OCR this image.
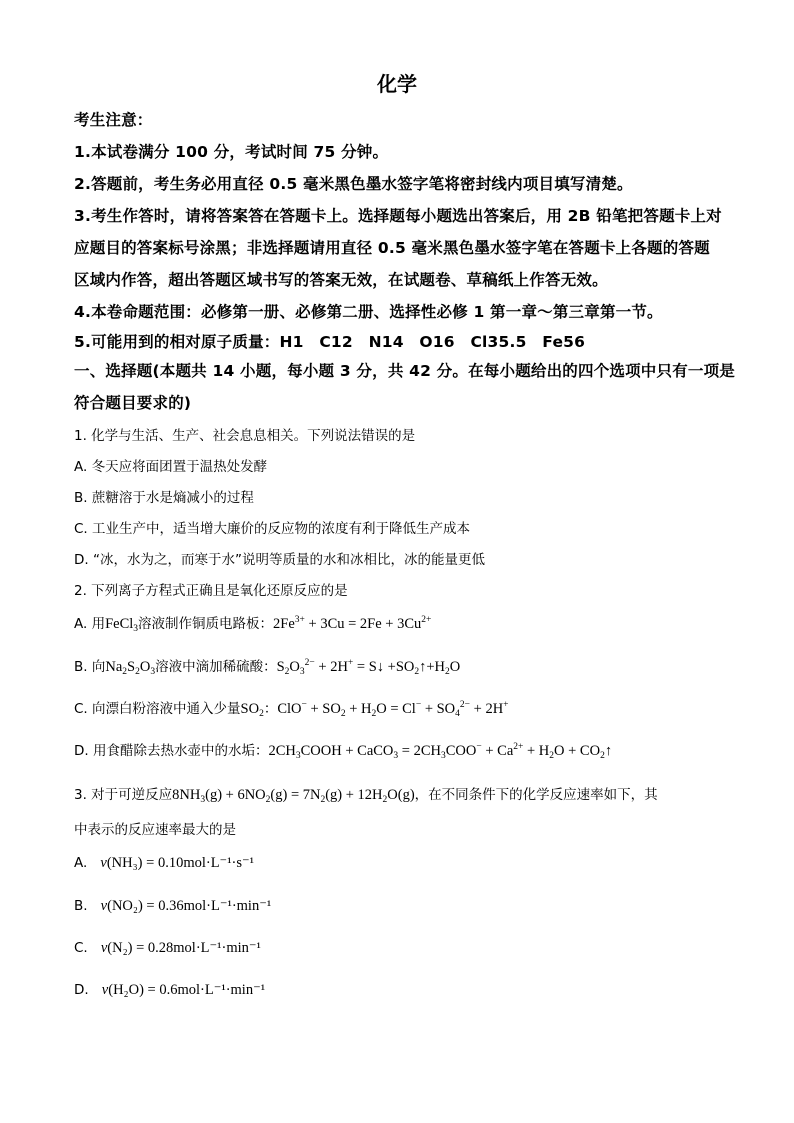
化学
考生注意：
1.本试卷满分 100 分，考试时间 75 分钟。
2.答题前，考生务必用直径 0.5 毫米黑色墨水签字笔将密封线内项目填写清楚。
3.考生作答时，请将答案答在答题卡上。选择题每小题选出答案后，用 2B 铅笔把答题卡上对
应题目的答案标号涂黑；非选择题请用直径 0.5 毫米黑色墨水签字笔在答题卡上各题的答题
区域内作答，超出答题区域书写的答案无效，在试题卷、草稿纸上作答无效。
4.本卷命题范围：必修第一册、必修第二册、选择性必修 1 第一章～第三章第一节。
5.可能用到的相对原子质量：H1　C12　N14　O16　Cl35.5　Fe56
一、选择题(本题共 14 小题，每小题 3 分，共 42 分。在每小题给出的四个选项中只有一项是
符合题目要求的)
1. 化学与生活、生产、社会息息相关。下列说法错误的是
A. 冬天应将面团置于温热处发酵
B. 蔗糖溶于水是熵减小的过程
C. 工业生产中，适当增大廉价的反应物的浓度有利于降低生产成本
D. “冰，水为之，而寒于水”说明等质量的水和冰相比，冰的能量更低
2. 下列离子方程式正确且是氧化还原反应的是
A. 用FeCl$_3$溶液制作铜质电路板：$2Fe^{3+} + 3Cu = 2Fe + 3Cu^{2+}$
B. 向$Na_2S_2O_3$溶液中滴加稀硫酸：$S_2O_3^{2-} + 2H^+$ = S↓ $+SO_2↑+H_2O$
C. 向漂白粉溶液中通入少量$SO_2$：$ClO^- + SO_2 + H_2O = Cl^- + SO_4^{2-} + 2H^+$
D. 用食醋除去热水壶中的水垢：$2CH_3COOH$ + CaCO$_3$ = $2CH_3COO^- + Ca^{2+} + H_2O$ + $CO_2↑$
3. 对于可逆反应$8NH_3(g) + 6NO_2(g) = 7N_2(g) + 12H_2O(g)$，在不同条件下的化学反应速率如下，其
中表示的反应速率最大的是
A. v(NH₃) = 0.10mol·L⁻¹·s⁻¹
B. v(NO₂) = 0.36mol·L⁻¹·min⁻¹
C. v(N₂) = 0.28mol·L⁻¹·min⁻¹
D. v(H₂O) = 0.6mol·L⁻¹·min⁻¹
